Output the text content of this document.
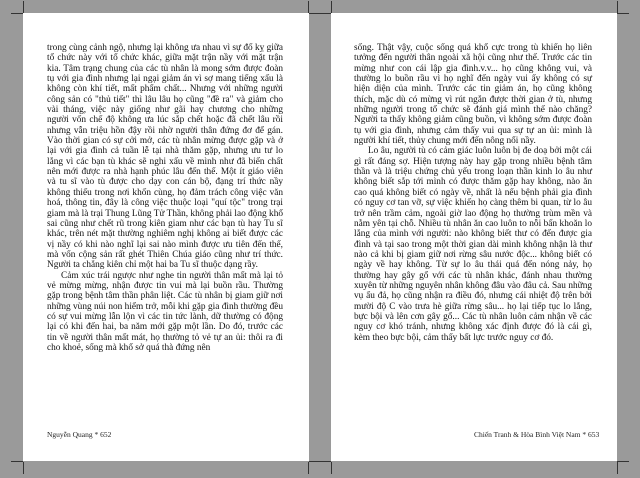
trong cùng cảnh ngộ, nhưng lại không ưa nhau vì sự đố kỵ giữa tổ chức này với tổ chức khác, giữa mặt trận nầy với mặt trận kia. Tâm trạng chung của các tù nhân là mong sớm được đoàn tụ với gia đình nhưng lại ngại giảm án vì sợ mang tiếng xấu là không còn khí tiết, mất phẩm chất... Nhưng với những người công sản có "thủ tiết" thì lâu lâu họ cũng "đề ra" và giảm cho vài tháng, việc này giống như gãi hay chương cho những người vốn chế độ không ưa lúc sắp chết hoặc đã chết lâu rồi nhưng vẫn triệu hồn đậy rồi nhờ người thân đứng đơ để gán. Vào thời gian có sự cởi mở, các tù nhân mừng được gặp và ở lại với gia đình cả tuần lễ tại nhà thăm gặp, nhưng ưu tư lo lắng vì các bạn tù khác sẽ nghi xấu về mình như đã biến chất nên mới được ra nhà hạnh phúc lâu đến thế. Một ít giáo viên và tu sĩ vào tù được cho dạy con cán bộ, đạng trí thức nầy không thiếu trong nơi khốn cùng, họ đảm trách công việc văn hoá, thông tin, đây là công việc thuộc loại "quí tộc" trong trại giam mà là trại Thung Lũng Tử Thần, không phải lao động khổ sai cũng như chết rũ trong kiên giam như các bạn tù hay Tu sĩ khác, trên nét mặt thường nghiêm nghị không ai biết được các vị nầy có khi nào nghĩ lại sai nào mình được ưu tiên đến thế, mà vốn cộng sản rất ghét Thiên Chúa giáo cũng như trí thức. Người ta chẳng kiên chỉ một hai ba Tu sĩ thuộc dạng rầy.

Cảm xúc trái ngược như nghe tin người thân mất mà lại tỏ vẻ mừng mừng, nhận được tin vui mà lại buồn rầu. Thường gặp trong bệnh tâm thần phân liệt. Các tù nhân bị giam giữ nơi những vùng núi non hiểm trở, mỗi khi gặp gia đình thường đều có sự vui mừng lẫn lộn vì các tin tức lành, dữ thường có động lại có khi đến hai, ba năm mới gặp một lần. Do đó, trước các tin về người thân mất mát, họ thường tỏ vẻ tự an ủi: thôi ra đi cho khoẻ, sống mà khổ sở quá thà đứng nên

Nguyễn Quang * 652

sống. Thật vậy, cuộc sống quá khổ cực trong tù khiến họ liên tưởng đến người thân ngoài xã hội cũng như thế. Trước các tin mừng như con cái lập gia đình.v.v... họ cũng không vui, và thường lo buồn rầu vì họ nghĩ đến ngày vui ấy không có sự hiện diện của mình. Trước các tin giảm án, họ cũng không thích, mặc dù có mừng vì rút ngắn được thời gian ở tù, nhưng những người trong tổ chức sẽ đánh giá mình thế nào chăng? Người ta thấy không giảm cũng buồn, vì không sớm được đoàn tụ với gia đình, nhưng cảm thấy vui qua sự tự an ủi: mình là người khí tiết, thủy chung mới đến nông nổi nầy.

Lo âu, người tù có cảm giác luôn luôn bị đe doạ bởi một cái gì rất đáng sợ. Hiện tượng này hay gặp trong nhiều bệnh tâm thần và là triệu chứng chủ yếu trong loạn thần kinh lo âu như không biết sắp tới mình có được thăm gặp hay không, nào ăn cao quá không biết có ngày về, nhất là nếu bệnh phải gia đình có nguy cơ tan vỡ, sự việc khiến họ càng thêm bi quan, từ lo âu trở nên trầm cảm, ngoài giờ lao động họ thường trùm mền và nằm yên tại chỗ. Nhiều tù nhân ăn cao luôn to nỗi bấn khoăn lo lắng của mình với người: nào không biết thư có đến được gia đình và tại sao trong một thời gian dài mình không nhận là thư nào cả khi bị giam giữ nơi rừng sâu nước độc... không biết có ngày về hay không. Từ sự lo âu thái quá đến nóng nảy, họ thường hay gây gổ với các tù nhân khác, đánh nhau thường xuyên từ những nguyên nhân không đâu vào đâu cả. Sau những vụ ẩu đả, họ cũng nhận ra điều đó, nhưng cái nhiệt độ trên bởi mười độ C vào trưa hè giữa rừng sâu... họ lại tiếp tục lo lắng, bực bội và lên cơn gây gổ... Các tù nhân luôn cảm nhận về các nguy cơ khó tránh, nhưng không xác định được đó là cái gì, kèm theo bực bội, cảm thấy bất lực trước nguy cơ đó.

Chiến Tranh & Hòa Bình Việt Nam * 653
